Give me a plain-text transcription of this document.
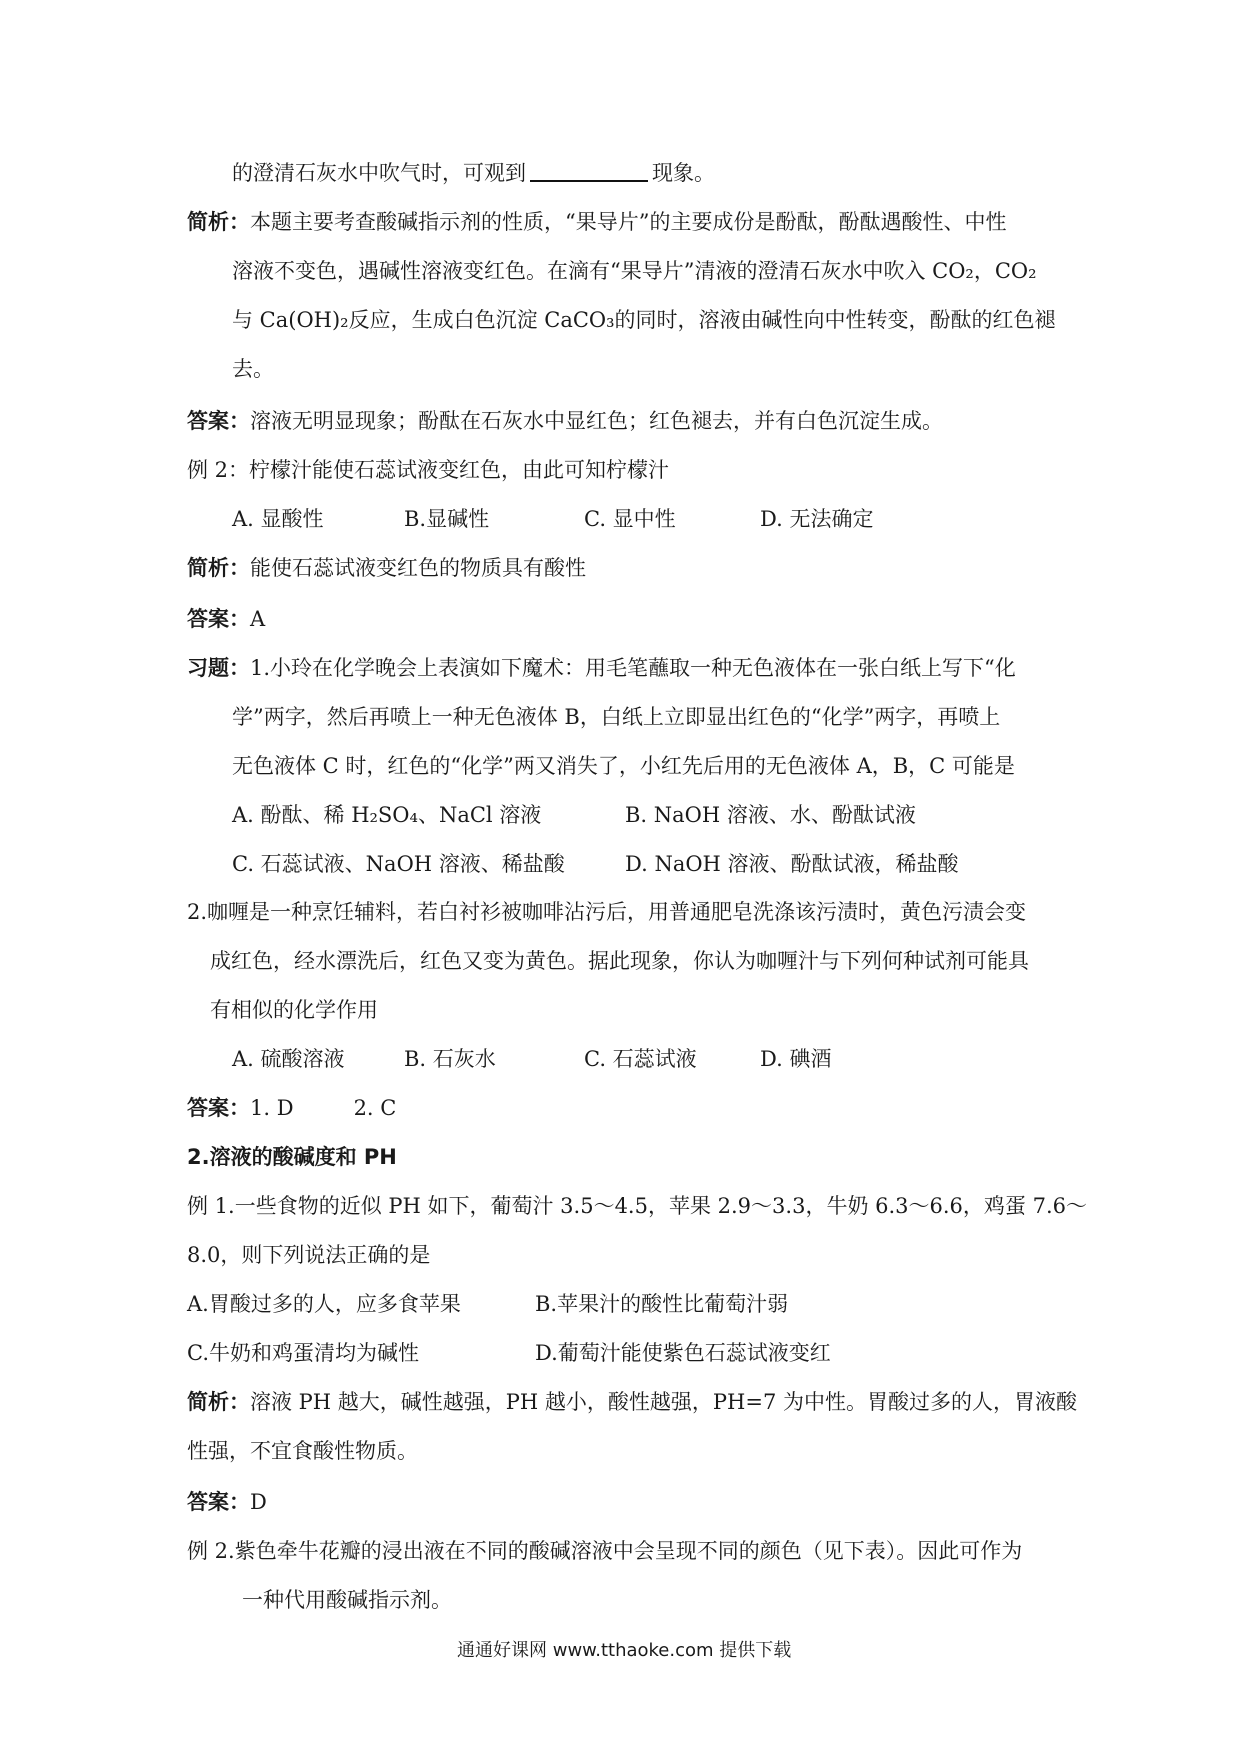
的澄清石灰水中吹气时，可观到	现象。
简析：本题主要考查酸碱指示剂的性质，“果导片”的主要成份是酚酞，酚酞遇酸性、中性
溶液不变色，遇碱性溶液变红色。在滴有“果导片”清液的澄清石灰水中吹入 CO₂，CO₂
与 Ca(OH)₂反应，生成白色沉淀 CaCO₃的同时，溶液由碱性向中性转变，酚酞的红色褪
去。
答案：溶液无明显现象；酚酞在石灰水中显红色；红色褪去，并有白色沉淀生成。
例 2：柠檬汁能使石蕊试液变红色，由此可知柠檬汁
A. 显酸性	B.显碱性	C. 显中性	D. 无法确定
简析：能使石蕊试液变红色的物质具有酸性
答案：A
习题：1.小玲在化学晚会上表演如下魔术：用毛笔蘸取一种无色液体在一张白纸上写下“化
学”两字，然后再喷上一种无色液体 B，白纸上立即显出红色的“化学”两字，再喷上
无色液体 C 时，红色的“化学”两又消失了，小红先后用的无色液体 A，B，C 可能是
A. 酚酞、稀 H₂SO₄、NaCl 溶液	B. NaOH 溶液、水、酚酞试液
C. 石蕊试液、NaOH 溶液、稀盐酸	D. NaOH 溶液、酚酞试液，稀盐酸
2.咖喱是一种烹饪辅料，若白衬衫被咖啡沾污后，用普通肥皂洗涤该污渍时，黄色污渍会变
成红色，经水漂洗后，红色又变为黄色。据此现象，你认为咖喱汁与下列何种试剂可能具
有相似的化学作用
A. 硫酸溶液	B. 石灰水	C. 石蕊试液	D. 碘酒
答案：1. D	2. C
2.溶液的酸碱度和 PH
例 1.一些食物的近似 PH 如下，葡萄汁 3.5～4.5，苹果 2.9～3.3，牛奶 6.3～6.6，鸡蛋 7.6～
8.0，则下列说法正确的是
A.胃酸过多的人，应多食苹果	B.苹果汁的酸性比葡萄汁弱
C.牛奶和鸡蛋清均为碱性	D.葡萄汁能使紫色石蕊试液变红
简析：溶液 PH 越大，碱性越强，PH 越小，酸性越强，PH=7 为中性。胃酸过多的人，胃液酸
性强，不宜食酸性物质。
答案：D
例 2.紫色牵牛花瓣的浸出液在不同的酸碱溶液中会呈现不同的颜色（见下表）。因此可作为
一种代用酸碱指示剂。
通通好课网 www.tthaoke.com 提供下载
